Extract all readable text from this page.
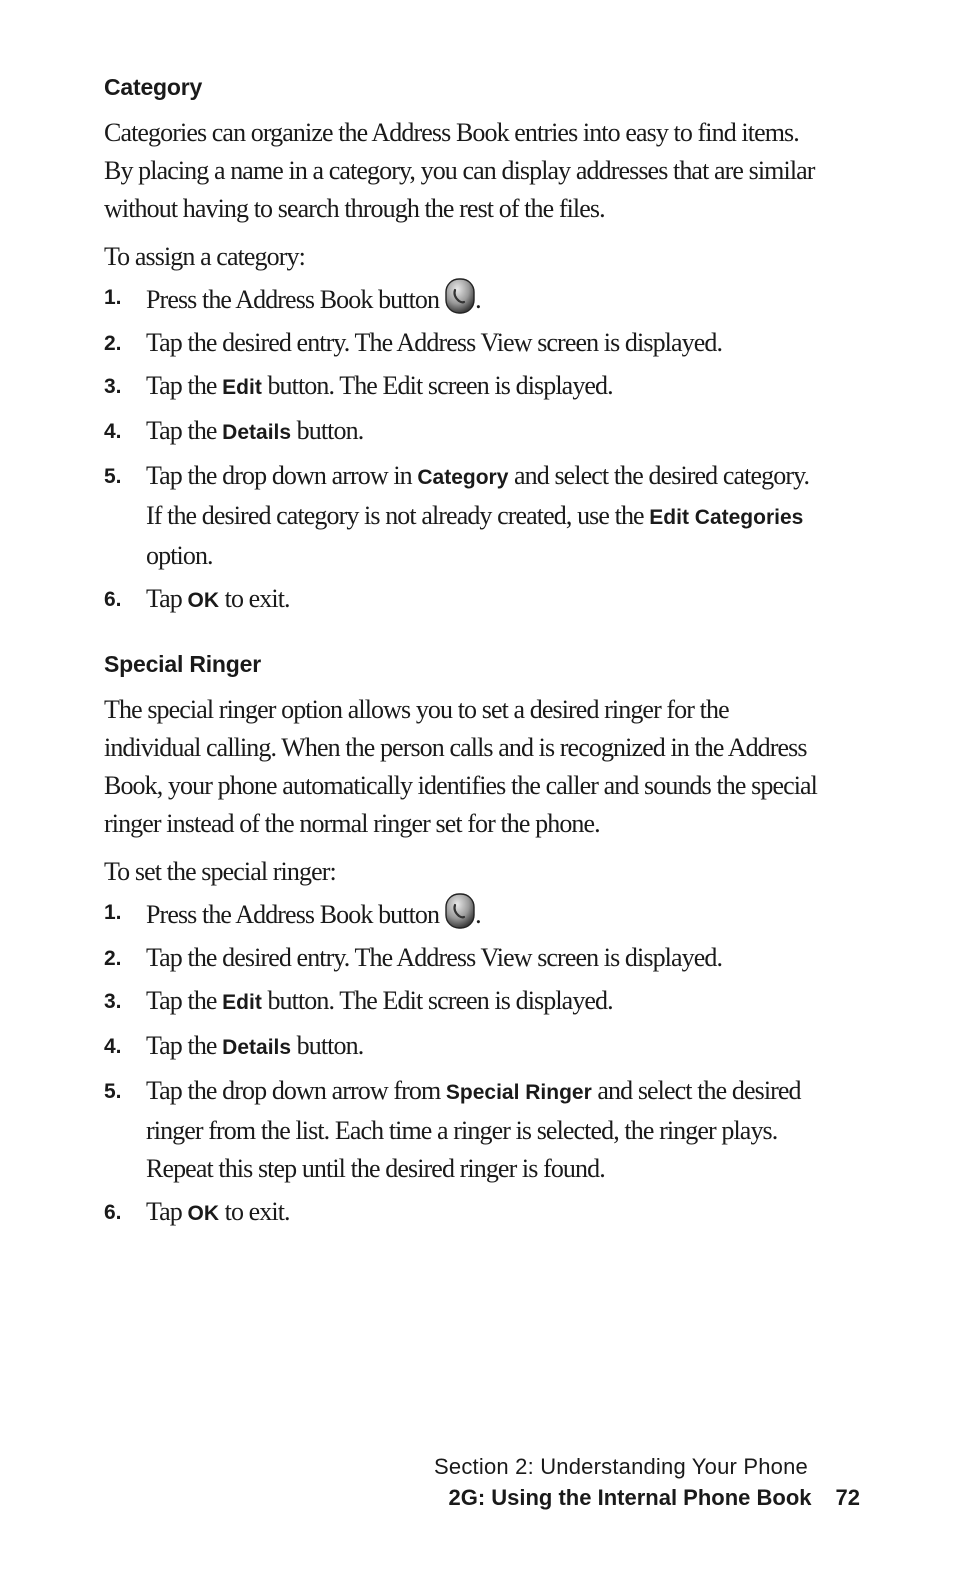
Category

Categories can organize the Address Book entries into easy to find items. By placing a name in a category, you can display addresses that are similar without having to search through the rest of the files.

To assign a category:

1. Press the Address Book button .
2. Tap the desired entry. The Address View screen is displayed.
3. Tap the Edit button. The Edit screen is displayed.
4. Tap the Details button.
5. Tap the drop down arrow in Category and select the desired category. If the desired category is not already created, use the Edit Categories option.
6. Tap OK to exit.
Special Ringer

The special ringer option allows you to set a desired ringer for the individual calling. When the person calls and is recognized in the Address Book, your phone automatically identifies the caller and sounds the special ringer instead of the normal ringer set for the phone.

To set the special ringer:

1. Press the Address Book button .
2. Tap the desired entry. The Address View screen is displayed.
3. Tap the Edit button. The Edit screen is displayed.
4. Tap the Details button.
5. Tap the drop down arrow from Special Ringer and select the desired ringer from the list. Each time a ringer is selected, the ringer plays. Repeat this step until the desired ringer is found.
6. Tap OK to exit.
Section 2: Understanding Your Phone
2G: Using the Internal Phone Book 72
